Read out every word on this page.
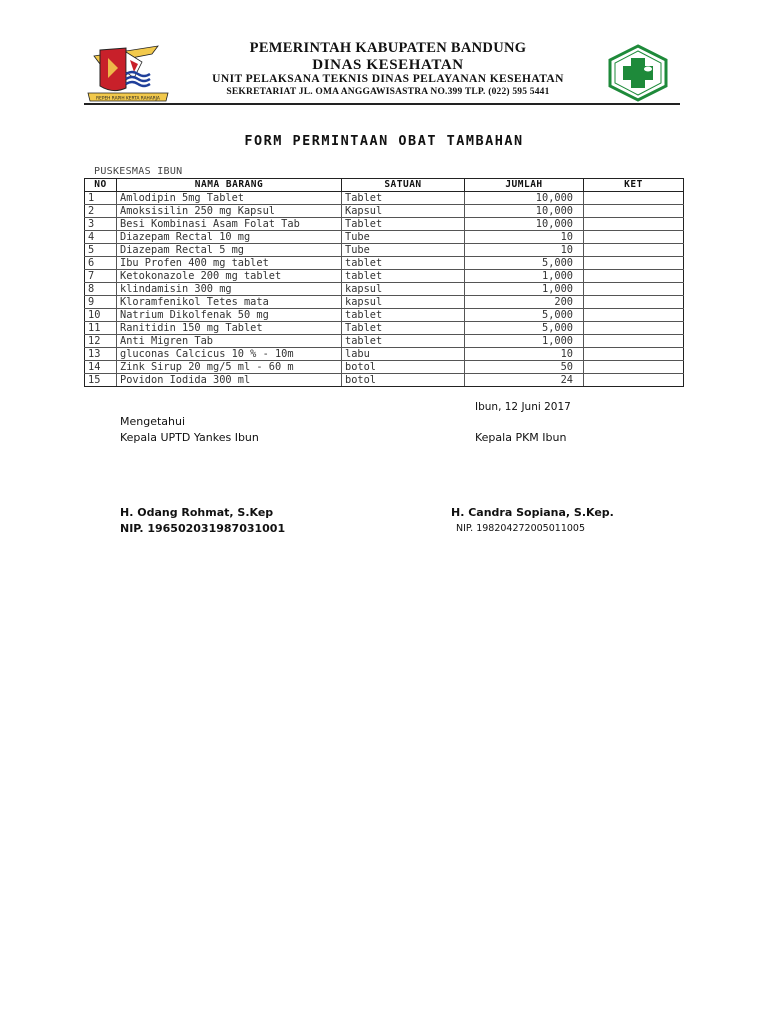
REPEH RAPIH KERTA RAHARJA
PEMERINTAH KABUPATEN BANDUNG
DINAS KESEHATAN
UNIT PELAKSANA TEKNIS DINAS PELAYANAN KESEHATAN
SEKRETARIAT JL. OMA ANGGAWISASTRA NO.399 TLP. (022) 595 5441
FORM PERMINTAAN OBAT TAMBAHAN
PUSKESMAS IBUN
NO	NAMA BARANG	SATUAN	JUMLAH	KET
1	Amlodipin 5mg Tablet	Tablet	10,000	
2	Amoksisilin 250 mg Kapsul	Kapsul	10,000	
3	Besi Kombinasi Asam Folat Tab	Tablet	10,000	
4	Diazepam Rectal 10 mg	Tube	10	
5	Diazepam Rectal 5 mg	Tube	10	
6	Ibu Profen 400 mg tablet	tablet	5,000	
7	Ketokonazole 200 mg tablet	tablet	1,000	
8	klindamisin 300 mg	kapsul	1,000	
9	Kloramfenikol Tetes mata	kapsul	200	
10	Natrium Dikolfenak 50 mg	tablet	5,000	
11	Ranitidin 150 mg Tablet	Tablet	5,000	
12	Anti Migren Tab	tablet	1,000	
13	gluconas Calcicus 10 % - 10m	labu	10	
14	Zink Sirup 20 mg/5 ml - 60 m	botol	50	
15	Povidon Iodida 300 ml	botol	24	
Ibun, 12 Juni 2017
Mengetahui
Kepala UPTD Yankes Ibun	Kepala PKM Ibun
H. Odang Rohmat, S.Kep	H. Candra Sopiana, S.Kep.
NIP. 196502031987031001	NIP. 198204272005011005
